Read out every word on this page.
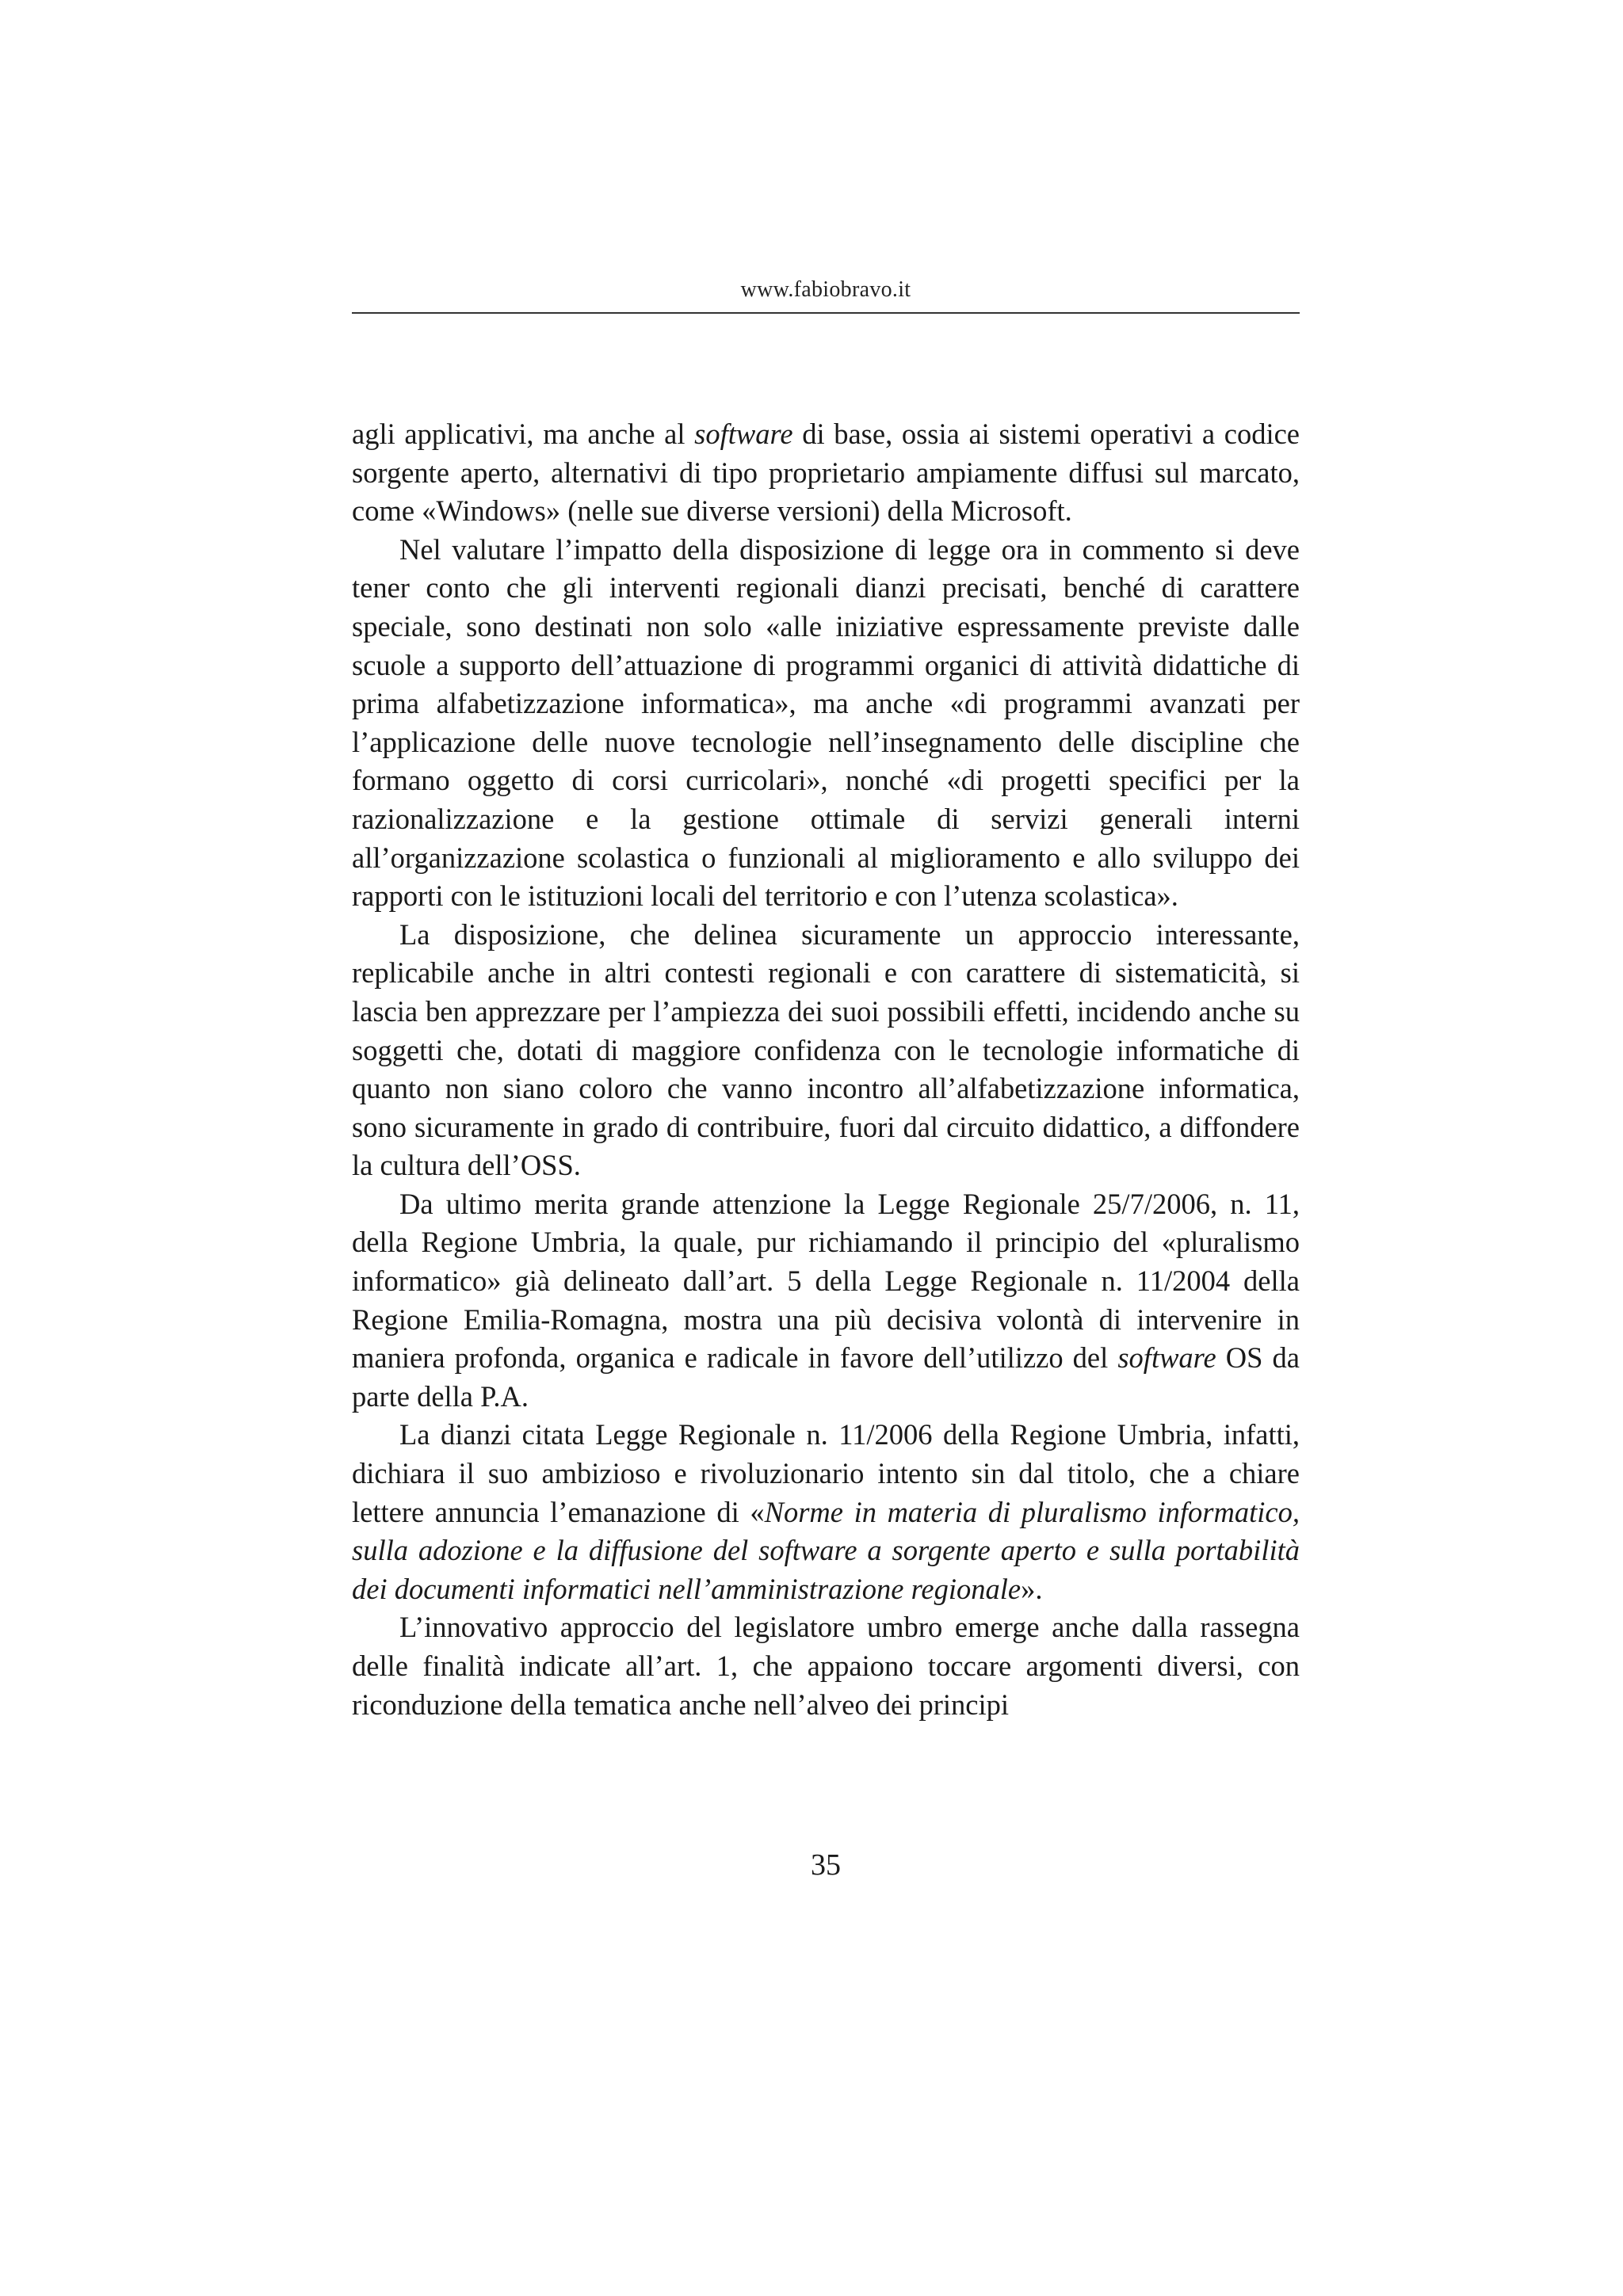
www.fabiobravo.it

agli applicativi, ma anche al software di base, ossia ai sistemi operativi a codice sorgente aperto, alternativi di tipo proprietario ampiamente diffusi sul marcato, come «Windows» (nelle sue diverse versioni) della Microsoft.

Nel valutare l’impatto della disposizione di legge ora in commento si deve tener conto che gli interventi regionali dianzi precisati, benché di carattere speciale, sono destinati non solo «alle iniziative espressamente previste dalle scuole a supporto dell’attuazione di programmi organici di attività didattiche di prima alfabetizzazione informatica», ma anche «di programmi avanzati per l’applicazione delle nuove tecnologie nell’insegnamento delle discipline che formano oggetto di corsi curricolari», nonché «di progetti specifici per la razionalizzazione e la gestione ottimale di servizi generali interni all’organizzazione scolastica o funzionali al miglioramento e allo sviluppo dei rapporti con le istituzioni locali del territorio e con l’utenza scolastica».

La disposizione, che delinea sicuramente un approccio interessante, replicabile anche in altri contesti regionali e con carattere di sistematicità, si lascia ben apprezzare per l’ampiezza dei suoi possibili effetti, incidendo anche su soggetti che, dotati di maggiore confidenza con le tecnologie informatiche di quanto non siano coloro che vanno incontro all’alfabetizzazione informatica, sono sicuramente in grado di contribuire, fuori dal circuito didattico, a diffondere la cultura dell’OSS.

Da ultimo merita grande attenzione la Legge Regionale 25/7/2006, n. 11, della Regione Umbria, la quale, pur richiamando il principio del «pluralismo informatico» già delineato dall’art. 5 della Legge Regionale n. 11/2004 della Regione Emilia-Romagna, mostra una più decisiva volontà di intervenire in maniera profonda, organica e radicale in favore dell’utilizzo del software OS da parte della P.A.

La dianzi citata Legge Regionale n. 11/2006 della Regione Umbria, infatti, dichiara il suo ambizioso e rivoluzionario intento sin dal titolo, che a chiare lettere annuncia l’emanazione di «Norme in materia di pluralismo informatico, sulla adozione e la diffusione del software a sorgente aperto e sulla portabilità dei documenti informatici nell’amministrazione regionale».

L’innovativo approccio del legislatore umbro emerge anche dalla rassegna delle finalità indicate all’art. 1, che appaiono toccare argomenti diversi, con riconduzione della tematica anche nell’alveo dei principi

35
